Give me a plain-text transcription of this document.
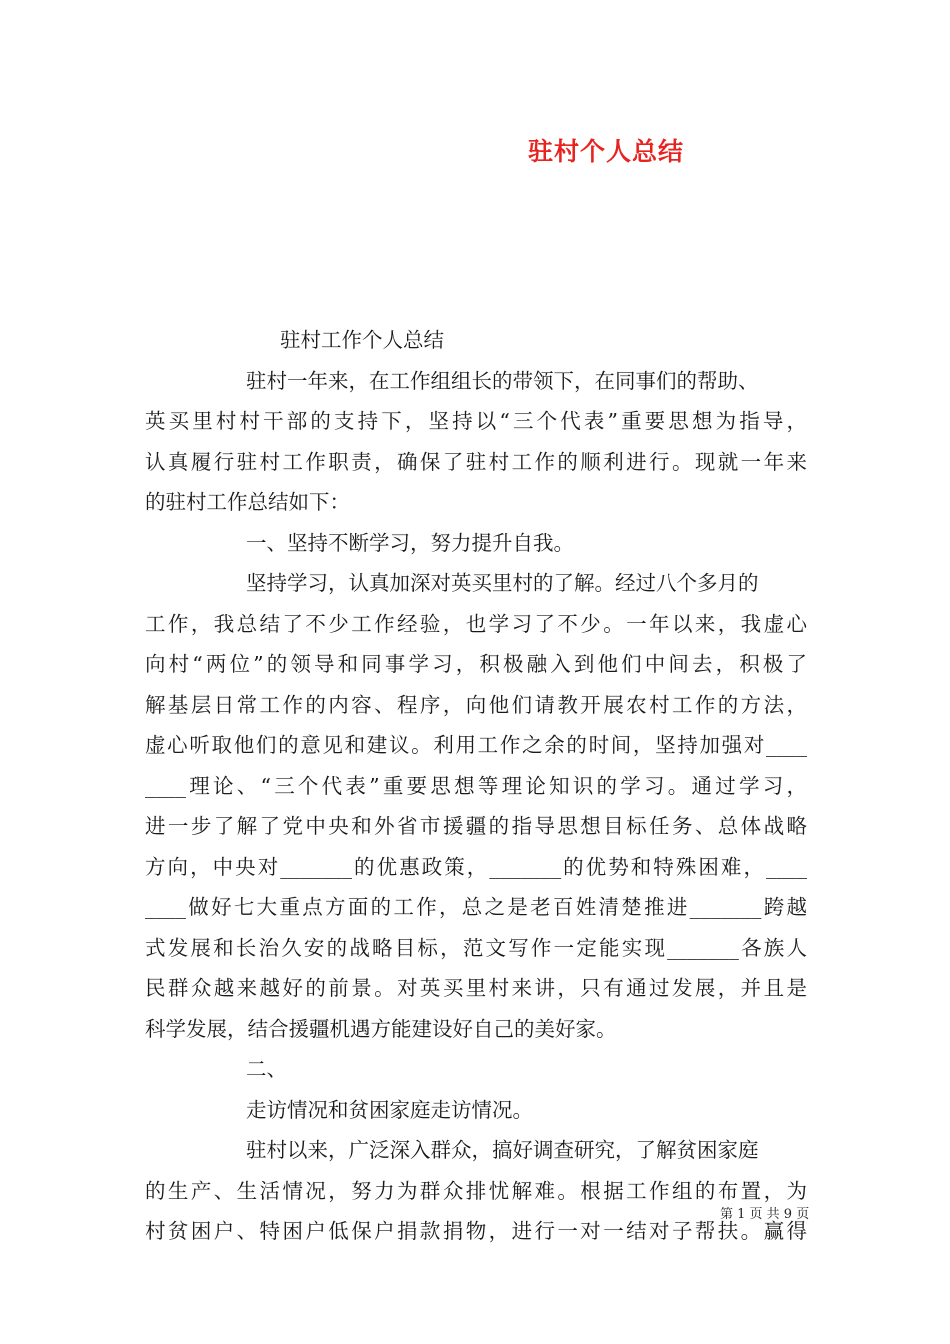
驻村个人总结
驻村工作个人总结
驻村一年来，在工作组组长的带领下，在同事们的帮助、
英买里村村干部的支持下，坚持以“三个代表”重要思想为指导，
认真履行驻村工作职责，确保了驻村工作的顺利进行。现就一年来
的驻村工作总结如下：
一、坚持不断学习，努力提升自我。
坚持学习，认真加深对英买里村的了解。经过八个多月的
工作，我总结了不少工作经验，也学习了不少。一年以来，我虚心
向村“两位”的领导和同事学习，积极融入到他们中间去，积极了
解基层日常工作的内容、程序，向他们请教开展农村工作的方法，
虚心听取他们的意见和建议。利用工作之余的时间，坚持加强对____
____理论、“三个代表”重要思想等理论知识的学习。通过学习，
进一步了解了党中央和外省市援疆的指导思想目标任务、总体战略
方向，中央对_______的优惠政策，_______的优势和特殊困难，____
____做好七大重点方面的工作，总之是老百姓清楚推进_______跨越
式发展和长治久安的战略目标，范文写作一定能实现_______各族人
民群众越来越好的前景。对英买里村来讲，只有通过发展，并且是
科学发展，结合援疆机遇方能建设好自己的美好家。
二、
走访情况和贫困家庭走访情况。
驻村以来，广泛深入群众，搞好调查研究，了解贫困家庭
的生产、生活情况，努力为群众排忧解难。根据工作组的布置，为
村贫困户、特困户低保户捐款捐物，进行一对一结对子帮扶。赢得
第 1 页 共 9 页
